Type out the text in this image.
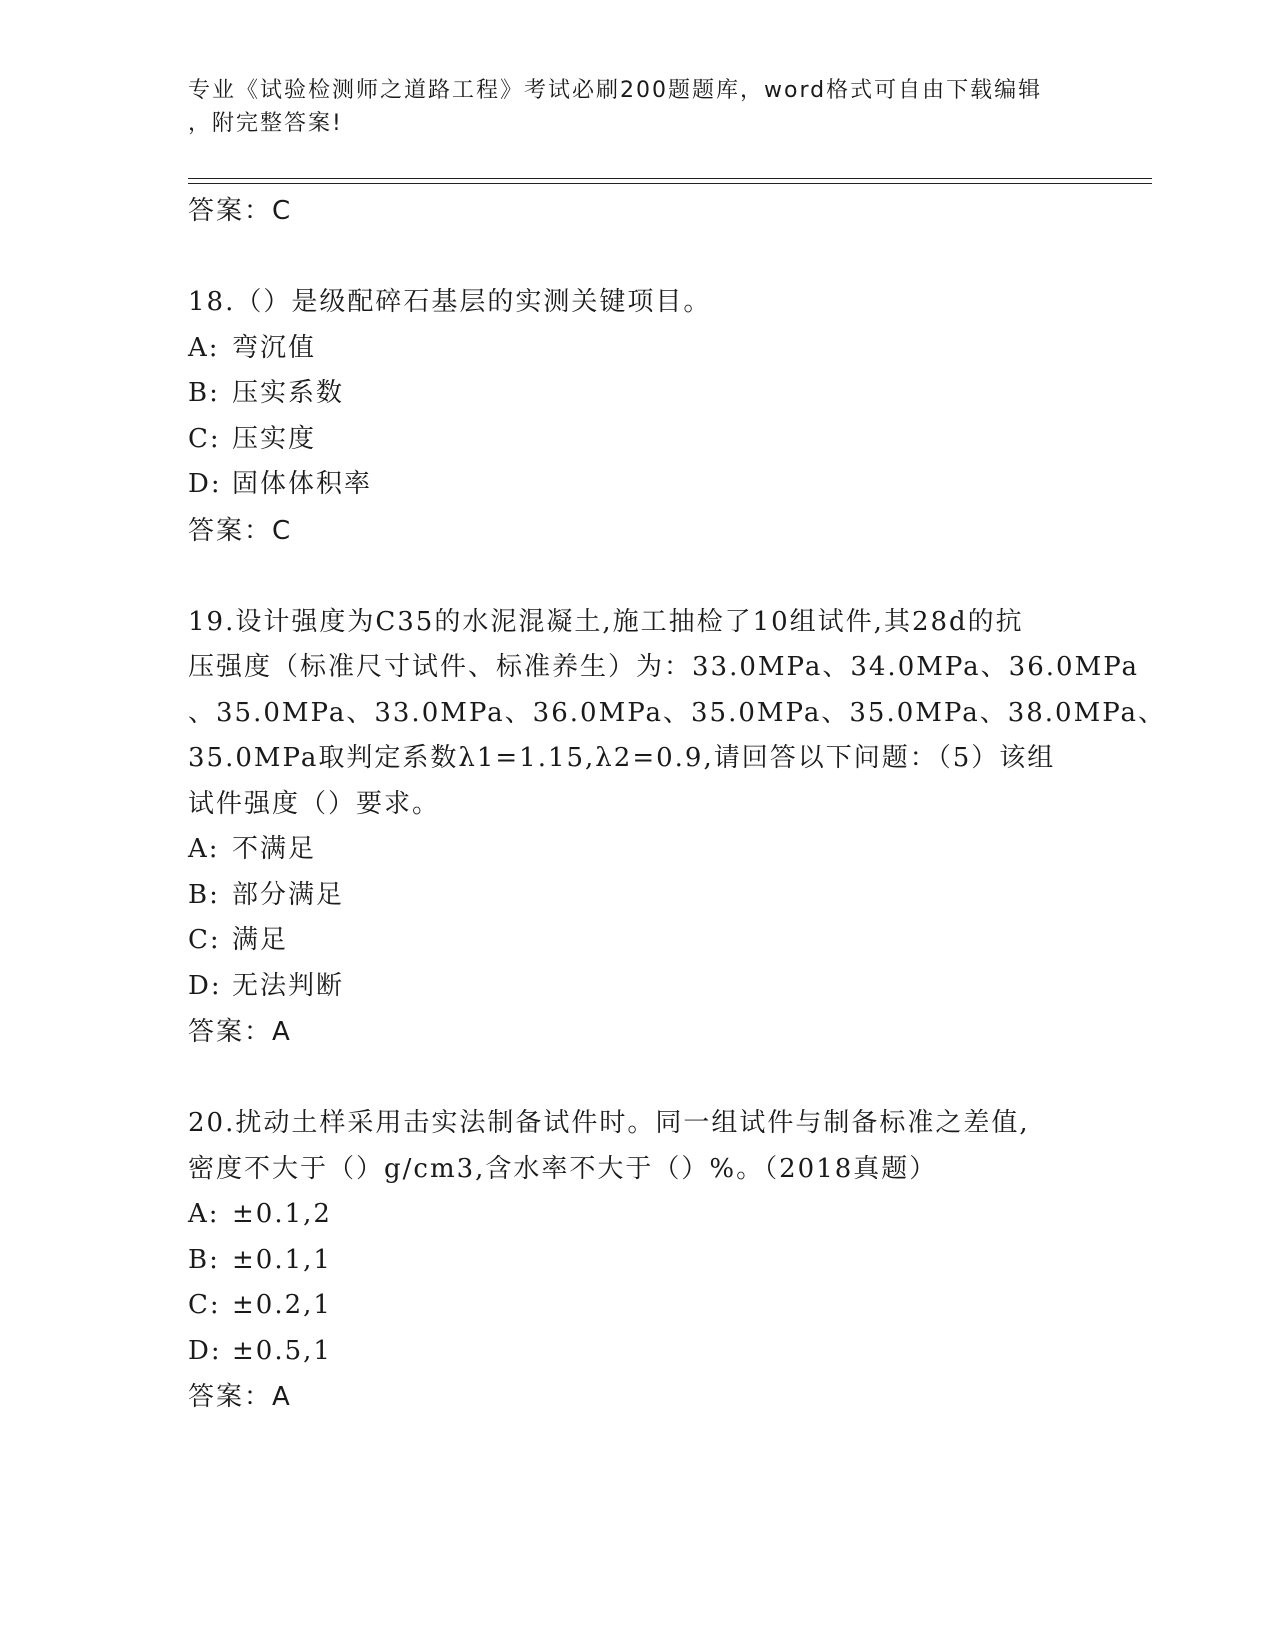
专业《试验检测师之道路工程》考试必刷200题题库，word格式可自由下载编辑
，附完整答案!
答案：C
18.（）是级配碎石基层的实测关键项目。
A: 弯沉值
B: 压实系数
C: 压实度
D: 固体体积率
答案：C
19.设计强度为C35的水泥混凝土,施工抽检了10组试件,其28d的抗
压强度（标准尺寸试件、标准养生）为：33.0MPa、34.0MPa、36.0MPa
、35.0MPa、33.0MPa、36.0MPa、35.0MPa、35.0MPa、38.0MPa、
35.0MPa取判定系数λ1=1.15,λ2=0.9,请回答以下问题：（5）该组
试件强度（）要求。
A: 不满足
B: 部分满足
C: 满足
D: 无法判断
答案：A
20.扰动土样采用击实法制备试件时。同一组试件与制备标准之差值,
密度不大于（）g/cm3,含水率不大于（）%。（2018真题）
A: ±0.1,2
B: ±0.1,1
C: ±0.2,1
D: ±0.5,1
答案：A
